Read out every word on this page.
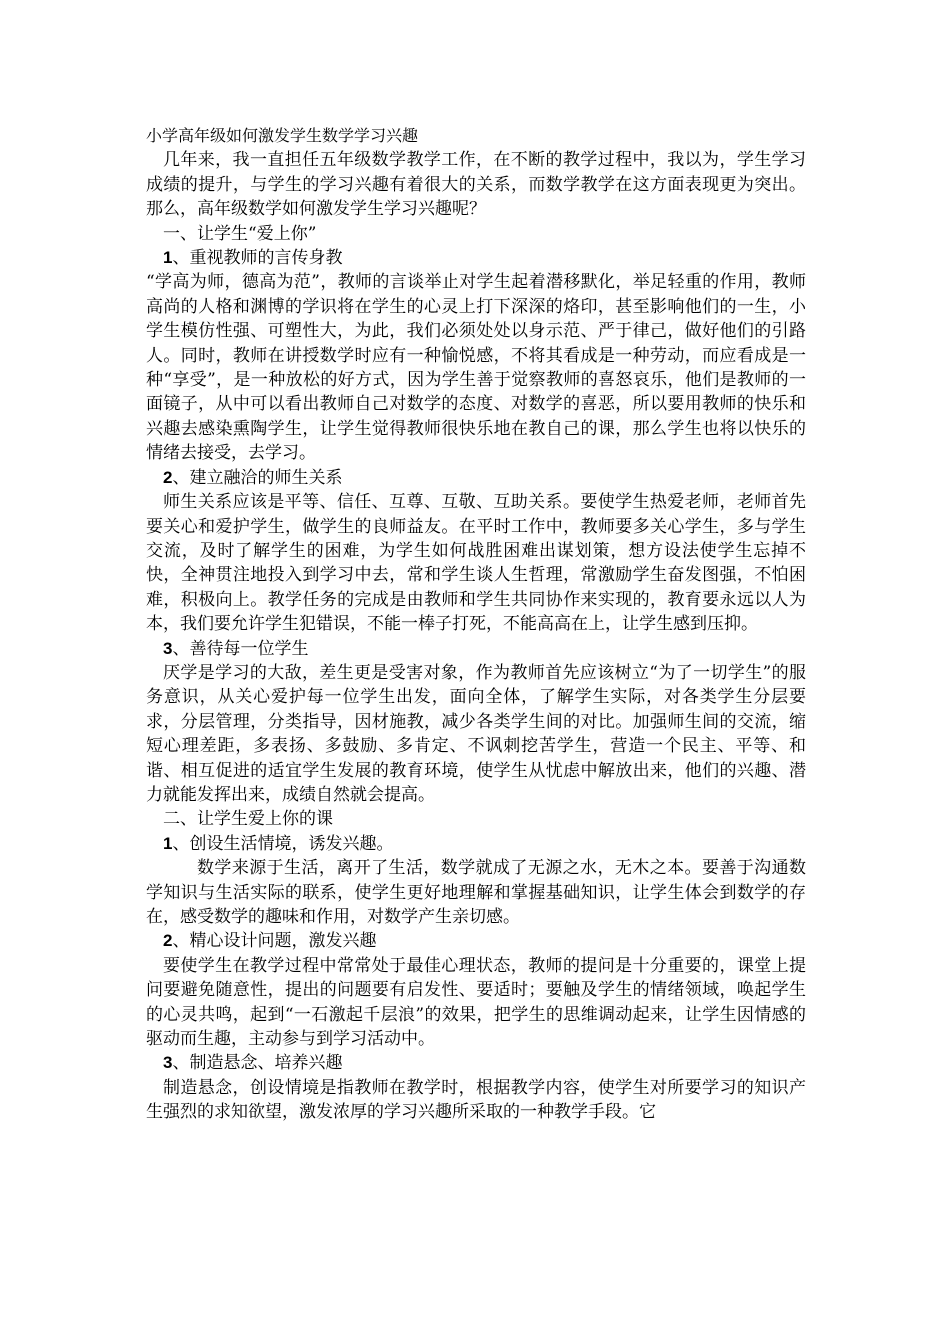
小学高年级如何激发学生数学学习兴趣

几年来，我一直担任五年级数学教学工作，在不断的教学过程中，我以为，学生学习成绩的提升，与学生的学习兴趣有着很大的关系，而数学教学在这方面表现更为突出。那么，高年级数学如何激发学生学习兴趣呢？

一、让学生“爱上你”

1、重视教师的言传身教

“学高为师，德高为范”，教师的言谈举止对学生起着潜移默化，举足轻重的作用，教师高尚的人格和渊博的学识将在学生的心灵上打下深深的烙印，甚至影响他们的一生，小学生模仿性强、可塑性大，为此，我们必须处处以身示范、严于律己，做好他们的引路人。同时，教师在讲授数学时应有一种愉悦感，不将其看成是一种劳动，而应看成是一种“享受”，是一种放松的好方式，因为学生善于觉察教师的喜怒哀乐，他们是教师的一面镜子，从中可以看出教师自己对数学的态度、对数学的喜恶，所以要用教师的快乐和兴趣去感染熏陶学生，让学生觉得教师很快乐地在教自己的课，那么学生也将以快乐的情绪去接受，去学习。

2、建立融洽的师生关系

师生关系应该是平等、信任、互尊、互敬、互助关系。要使学生热爱老师，老师首先要关心和爱护学生，做学生的良师益友。在平时工作中，教师要多关心学生，多与学生交流，及时了解学生的困难，为学生如何战胜困难出谋划策，想方设法使学生忘掉不快，全神贯注地投入到学习中去，常和学生谈人生哲理，常激励学生奋发图强，不怕困难，积极向上。教学任务的完成是由教师和学生共同协作来实现的，教育要永远以人为本，我们要允许学生犯错误，不能一棒子打死，不能高高在上，让学生感到压抑。

3、善待每一位学生

厌学是学习的大敌，差生更是受害对象，作为教师首先应该树立“为了一切学生”的服务意识，从关心爱护每一位学生出发，面向全体，了解学生实际，对各类学生分层要求，分层管理，分类指导，因材施教，减少各类学生间的对比。加强师生间的交流，缩短心理差距，多表扬、多鼓励、多肯定、不讽刺挖苦学生，营造一个民主、平等、和谐、相互促进的适宜学生发展的教育环境，使学生从忧虑中解放出来，他们的兴趣、潜力就能发挥出来，成绩自然就会提高。

二、让学生爱上你的课

1、创设生活情境，诱发兴趣。

数学来源于生活，离开了生活，数学就成了无源之水，无木之本。要善于沟通数学知识与生活实际的联系，使学生更好地理解和掌握基础知识，让学生体会到数学的存在，感受数学的趣味和作用，对数学产生亲切感。

2、精心设计问题，激发兴趣

要使学生在教学过程中常常处于最佳心理状态，教师的提问是十分重要的，课堂上提问要避免随意性，提出的问题要有启发性、要适时；要触及学生的情绪领域，唤起学生的心灵共鸣，起到“一石激起千层浪”的效果，把学生的思维调动起来，让学生因情感的驱动而生趣，主动参与到学习活动中。

3、制造悬念、培养兴趣

制造悬念，创设情境是指教师在教学时，根据教学内容，使学生对所要学习的知识产生强烈的求知欲望，激发浓厚的学习兴趣所采取的一种教学手段。它
